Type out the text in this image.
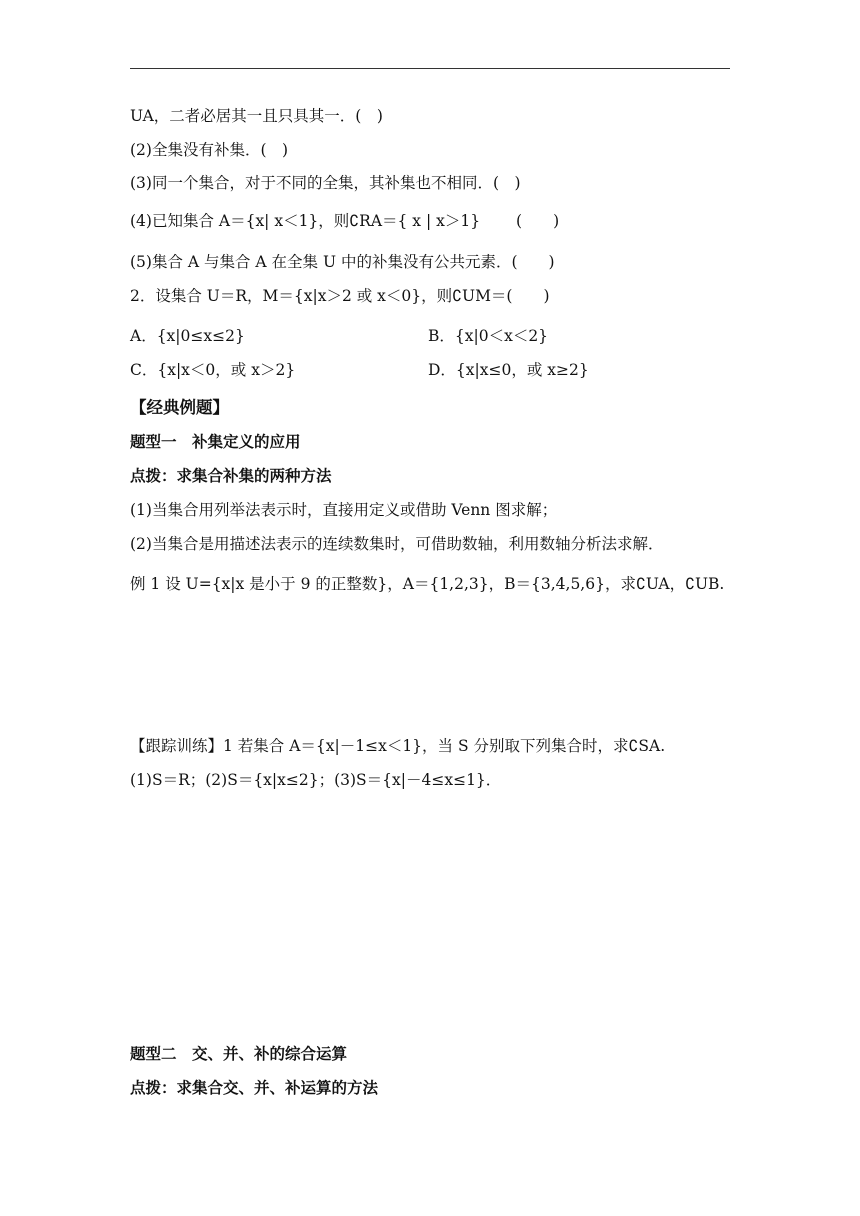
UA，二者必居其一且只具其一．(　)
(2)全集没有补集．(　)
(3)同一个集合，对于不同的全集，其补集也不相同．(　)
(4)已知集合 A＝{x| x＜1}，则∁RA＝{ x | x＞1}　　 (　　)
(5)集合 A 与集合 A 在全集 U 中的补集没有公共元素．(　　)
2．设集合 U＝R，M＝{x|x＞2 或 x＜0}，则∁UM＝(　　)
A．{x|0≤x≤2}	B．{x|0＜x＜2}
C．{x|x＜0，或 x＞2}	D．{x|x≤0，或 x≥2}
【经典例题】
题型一　补集定义的应用
点拨：求集合补集的两种方法
(1)当集合用列举法表示时，直接用定义或借助 Venn 图求解；
(2)当集合是用描述法表示的连续数集时，可借助数轴，利用数轴分析法求解．
例 1 设 U={x|x 是小于 9 的正整数}，A＝{1,2,3}，B＝{3,4,5,6}，求∁UA，∁UB.
【跟踪训练】1 若集合 A＝{x|－1≤x＜1}，当 S 分别取下列集合时，求∁SA.
(1)S＝R；(2)S＝{x|x≤2}；(3)S＝{x|－4≤x≤1}．
题型二　交、并、补的综合运算
点拨：求集合交、并、补运算的方法
